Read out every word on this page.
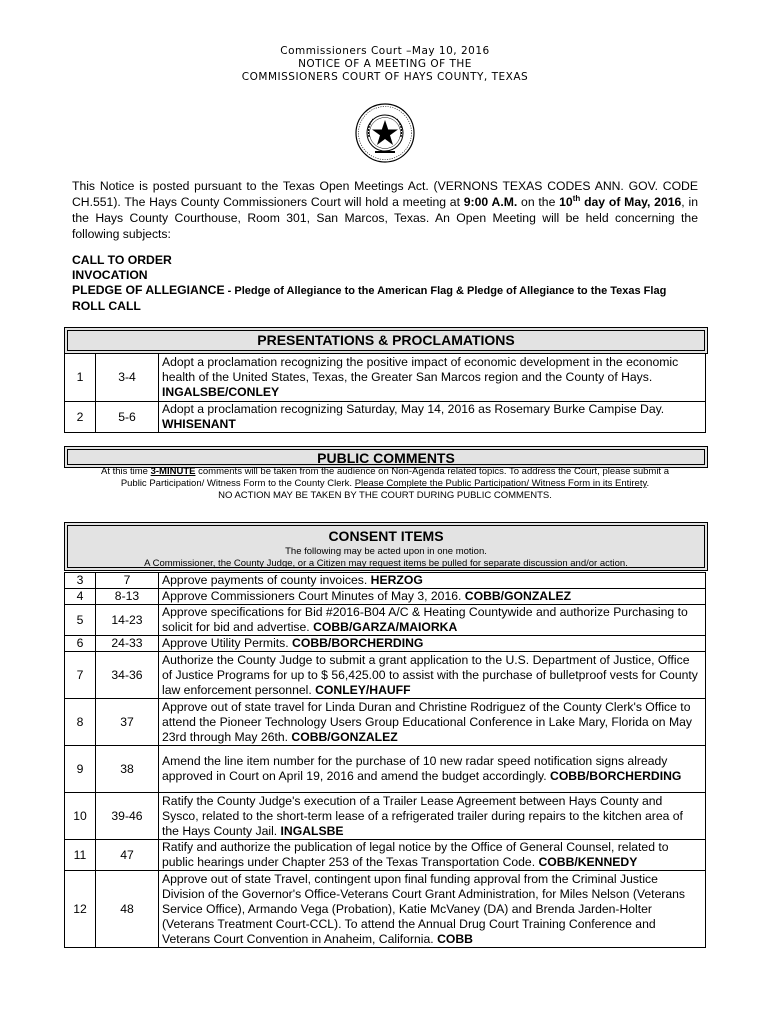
Commissioners Court –May 10, 2016
NOTICE OF A MEETING OF THE
COMMISSIONERS COURT OF HAYS COUNTY, TEXAS
This Notice is posted pursuant to the Texas Open Meetings Act. (VERNONS TEXAS CODES ANN. GOV. CODE CH.551). The Hays County Commissioners Court will hold a meeting at 9:00 A.M. on the 10th day of May, 2016, in the Hays County Courthouse, Room 301, San Marcos, Texas. An Open Meeting will be held concerning the following subjects:
CALL TO ORDER
INVOCATION
PLEDGE OF ALLEGIANCE - Pledge of Allegiance to the American Flag & Pledge of Allegiance to the Texas Flag
ROLL CALL
PRESENTATIONS & PROCLAMATIONS
1	3-4	Adopt a proclamation recognizing the positive impact of economic development in the economic health of the United States, Texas, the Greater San Marcos region and the County of Hays. INGALSBE/CONLEY
2	5-6	Adopt a proclamation recognizing Saturday, May 14, 2016 as Rosemary Burke Campise Day. WHISENANT
PUBLIC COMMENTS
At this time 3-MINUTE comments will be taken from the audience on Non-Agenda related topics. To address the Court, please submit a
Public Participation/ Witness Form to the County Clerk. Please Complete the Public Participation/ Witness Form in its Entirety.
NO ACTION MAY BE TAKEN BY THE COURT DURING PUBLIC COMMENTS.
CONSENT ITEMS
The following may be acted upon in one motion.
A Commissioner, the County Judge, or a Citizen may request items be pulled for separate discussion and/or action.
3	7	Approve payments of county invoices. HERZOG
4	8-13	Approve Commissioners Court Minutes of May 3, 2016. COBB/GONZALEZ
5	14-23	Approve specifications for Bid #2016-B04 A/C & Heating Countywide and authorize Purchasing to solicit for bid and advertise. COBB/GARZA/MAIORKA
6	24-33	Approve Utility Permits. COBB/BORCHERDING
7	34-36	Authorize the County Judge to submit a grant application to the U.S. Department of Justice, Office of Justice Programs for up to $ 56,425.00 to assist with the purchase of bulletproof vests for County law enforcement personnel. CONLEY/HAUFF
8	37	Approve out of state travel for Linda Duran and Christine Rodriguez of the County Clerk's Office to attend the Pioneer Technology Users Group Educational Conference in Lake Mary, Florida on May 23rd through May 26th. COBB/GONZALEZ
9	38	Amend the line item number for the purchase of 10 new radar speed notification signs already approved in Court on April 19, 2016 and amend the budget accordingly. COBB/BORCHERDING
10	39-46	Ratify the County Judge's execution of a Trailer Lease Agreement between Hays County and Sysco, related to the short-term lease of a refrigerated trailer during repairs to the kitchen area of the Hays County Jail. INGALSBE
11	47	Ratify and authorize the publication of legal notice by the Office of General Counsel, related to public hearings under Chapter 253 of the Texas Transportation Code. COBB/KENNEDY
12	48	Approve out of state Travel, contingent upon final funding approval from the Criminal Justice Division of the Governor's Office-Veterans Court Grant Administration, for Miles Nelson (Veterans Service Office), Armando Vega (Probation), Katie McVaney (DA) and Brenda Jarden-Holter (Veterans Treatment Court-CCL). To attend the Annual Drug Court Training Conference and Veterans Court Convention in Anaheim, California. COBB
